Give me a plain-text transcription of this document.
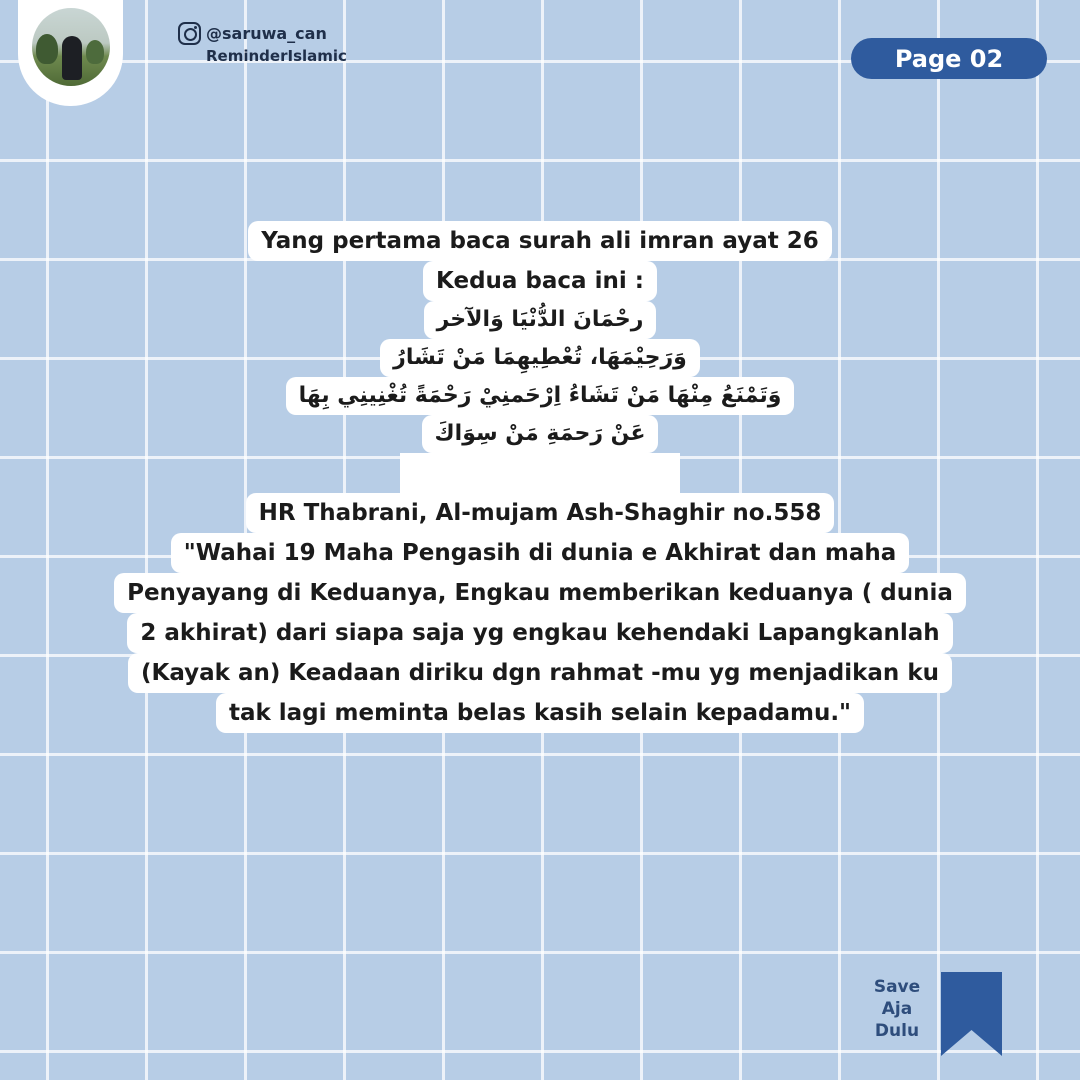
@saruwa_can
ReminderIslamic	Page 02
Yang pertama baca surah ali imran ayat 26
Kedua baca ini :
رحْمَانَ الدُّنْيَا وَالآخر
وَرَحِيْمَهَا، تُعْطِيهِمَا مَنْ تَشَارُ
وَتَمْنَعُ مِنْهَا مَنْ تَشَاءُ اِرْحَمنِيْ رَحْمَةً تُغْنِينِي بِهَا
عَنْ رَحمَةِ مَنْ سِوَاكَ
HR Thabrani, Al-mujam Ash-Shaghir no.558
"Wahai 19 Maha Pengasih di dunia e Akhirat dan maha
Penyayang di Keduanya, Engkau memberikan keduanya ( dunia
2 akhirat) dari siapa saja yg engkau kehendaki Lapangkanlah
(Kayak an) Keadaan diriku dgn rahmat -mu yg menjadikan ku
tak lagi meminta belas kasih selain kepadamu."
Save
Aja
Dulu
